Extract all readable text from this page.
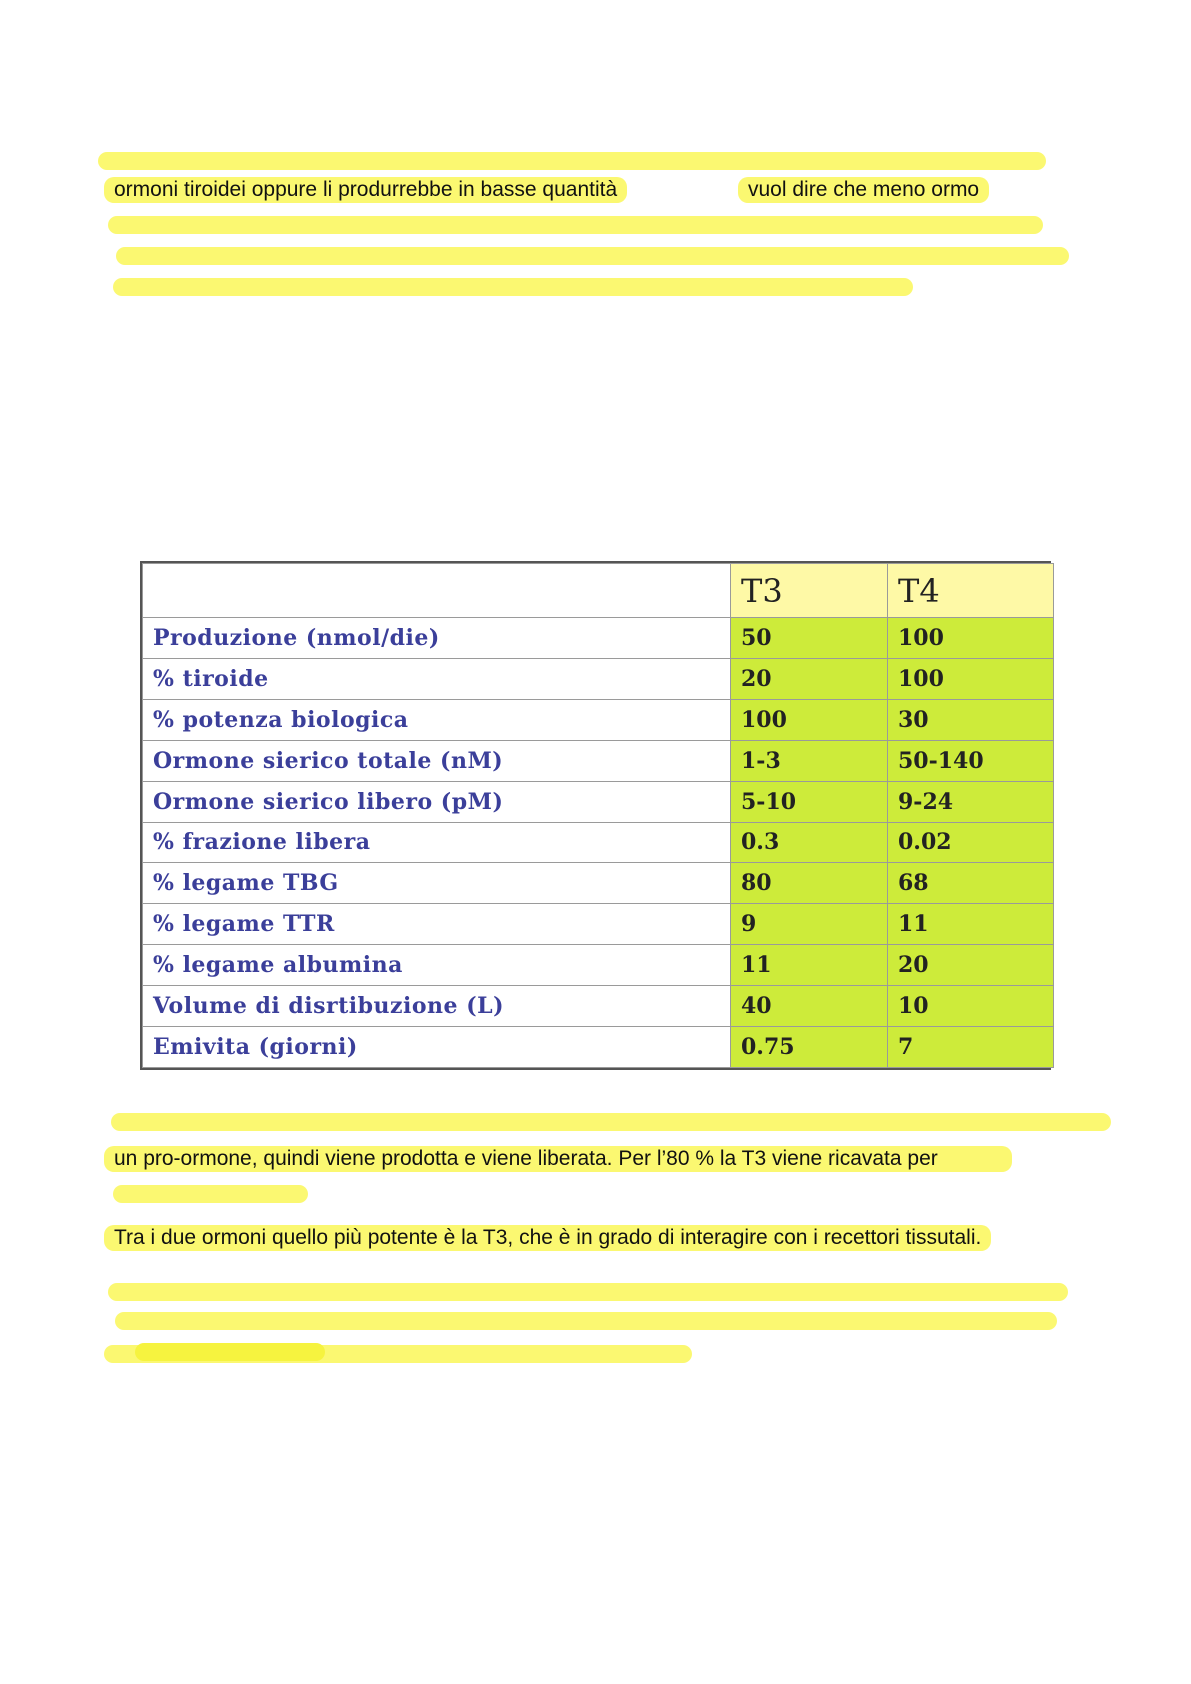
ormoni tiroidei oppure li produrrebbe in basse quantità	vuol dire che meno ormo
	T3	T4
Produzione (nmol/die)	50	100
% tiroide	20	100
% potenza biologica	100	30
Ormone sierico totale (nM)	1-3	50-140
Ormone sierico libero (pM)	5-10	9-24
% frazione libera	0.3	0.02
% legame TBG	80	68
% legame TTR	9	11
% legame albumina	11	20
Volume di disrtibuzione (L)	40	10
Emivita (giorni)	0.75	7
un pro-ormone, quindi viene prodotta e viene liberata. Per l’80 % la T3 viene ricavata per
Tra i due ormoni quello più potente è la T3, che è in grado di interagire con i recettori tissutali.
